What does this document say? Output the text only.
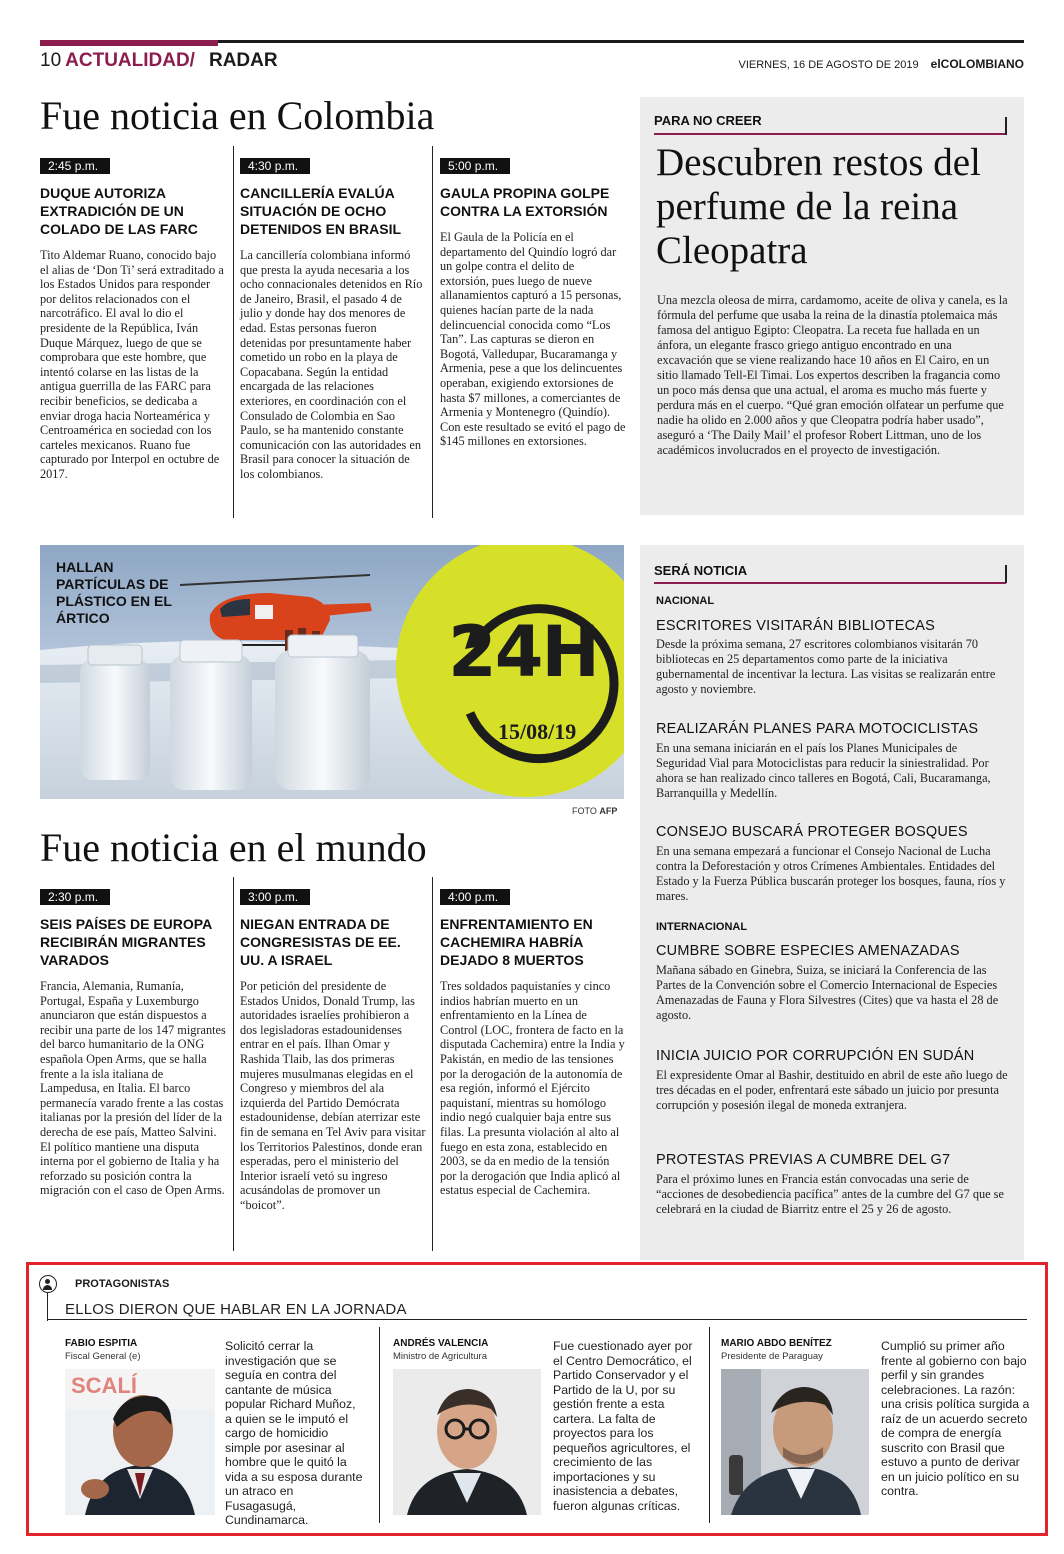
10 ACTUALIDAD/ RADAR	VIERNES, 16 DE AGOSTO DE 2019 elCOLOMBIANO
Fue noticia en Colombia
2:45 p.m.
DUQUE AUTORIZA EXTRADICIÓN DE UN COLADO DE LAS FARC
Tito Aldemar Ruano, conocido bajo el alias de ‘Don Ti’ será extraditado a los Estados Unidos para responder por delitos relacionados con el narcotráfico. El aval lo dio el presidente de la República, Iván Duque Márquez, luego de que se comprobara que este hombre, que intentó colarse en las listas de la antigua guerrilla de las FARC para recibir beneficios, se dedicaba a enviar droga hacia Norteamérica y Centroamérica en sociedad con los carteles mexicanos. Ruano fue capturado por Interpol en octubre de 2017.
4:30 p.m.
CANCILLERÍA EVALÚA SITUACIÓN DE OCHO DETENIDOS EN BRASIL
La cancillería colombiana informó que presta la ayuda necesaria a los ocho connacionales detenidos en Río de Janeiro, Brasil, el pasado 4 de julio y donde hay dos menores de edad. Estas personas fueron detenidas por presuntamente haber cometido un robo en la playa de Copacabana. Según la entidad encargada de las relaciones exteriores, en coordinación con el Consulado de Colombia en Sao Paulo, se ha mantenido constante comunicación con las autoridades en Brasil para conocer la situación de los colombianos.
5:00 p.m.
GAULA PROPINA GOLPE CONTRA LA EXTORSIÓN
El Gaula de la Policía en el departamento del Quindío logró dar un golpe contra el delito de extorsión, pues luego de nueve allanamientos capturó a 15 personas, quienes hacían parte de la nada delincuencial conocida como “Los Tan”. Las capturas se dieron en Bogotá, Valledupar, Bucaramanga y Armenia, pese a que los delincuentes operaban, exigiendo extorsiones de hasta $7 millones, a comerciantes de Armenia y Montenegro (Quindío). Con este resultado se evitó el pago de $145 millones en extorsiones.
PARA NO CREER
Descubren restos del perfume de la reina Cleopatra
Una mezcla oleosa de mirra, cardamomo, aceite de oliva y canela, es la fórmula del perfume que usaba la reina de la dinastía ptolemaica más famosa del antiguo Egipto: Cleopatra. La receta fue hallada en un ánfora, un elegante frasco griego antiguo encontrado en una excavación que se viene realizando hace 10 años en El Cairo, en un sitio llamado Tell-El Timai. Los expertos describen la fragancia como un poco más densa que una actual, el aroma es mucho más fuerte y perdura más en el cuerpo. “Qué gran emoción olfatear un perfume que nadie ha olido en 2.000 años y que Cleopatra podría haber usado”, aseguró a ‘The Daily Mail’ el profesor Robert Littman, uno de los académicos involucrados en el proyecto de investigación.
HALLAN PARTÍCULAS DE PLÁSTICO EN EL ÁRTICO	24H
15/08/19
FOTO AFP
SERÁ NOTICIA
NACIONAL
ESCRITORES VISITARÁN BIBLIOTECAS
Desde la próxima semana, 27 escritores colombianos visitarán 70 bibliotecas en 25 departamentos como parte de la iniciativa gubernamental de incentivar la lectura. Las visitas se realizarán entre agosto y noviembre.
REALIZARÁN PLANES PARA MOTOCICLISTAS
En una semana iniciarán en el país los Planes Municipales de Seguridad Vial para Motociclistas para reducir la siniestralidad. Por ahora se han realizado cinco talleres en Bogotá, Cali, Bucaramanga, Barranquilla y Medellín.
CONSEJO BUSCARÁ PROTEGER BOSQUES
En una semana empezará a funcionar el Consejo Nacional de Lucha contra la Deforestación y otros Crímenes Ambientales. Entidades del Estado y la Fuerza Pública buscarán proteger los bosques, fauna, ríos y mares.
INTERNACIONAL
CUMBRE SOBRE ESPECIES AMENAZADAS
Mañana sábado en Ginebra, Suiza, se iniciará la Conferencia de las Partes de la Convención sobre el Comercio Internacional de Especies Amenazadas de Fauna y Flora Silvestres (Cites) que va hasta el 28 de agosto.
INICIA JUICIO POR CORRUPCIÓN EN SUDÁN
El expresidente Omar al Bashir, destituido en abril de este año luego de tres décadas en el poder, enfrentará este sábado un juicio por presunta corrupción y posesión ilegal de moneda extranjera.
PROTESTAS PREVIAS A CUMBRE DEL G7
Para el próximo lunes en Francia están convocadas una serie de “acciones de desobediencia pacífica” antes de la cumbre del G7 que se celebrará en la ciudad de Biarritz entre el 25 y 26 de agosto.
Fue noticia en el mundo
2:30 p.m.
SEIS PAÍSES DE EUROPA RECIBIRÁN MIGRANTES VARADOS
Francia, Alemania, Rumanía, Portugal, España y Luxemburgo anunciaron que están dispuestos a recibir una parte de los 147 migrantes del barco humanitario de la ONG española Open Arms, que se halla frente a la isla italiana de Lampedusa, en Italia. El barco permanecía varado frente a las costas italianas por la presión del líder de la derecha de ese país, Matteo Salvini. El político mantiene una disputa interna por el gobierno de Italia y ha reforzado su posición contra la migración con el caso de Open Arms.
3:00 p.m.
NIEGAN ENTRADA DE CONGRESISTAS DE EE. UU. A ISRAEL
Por petición del presidente de Estados Unidos, Donald Trump, las autoridades israelíes prohibieron a dos legisladoras estadounidenses entrar en el país. Ilhan Omar y Rashida Tlaib, las dos primeras mujeres musulmanas elegidas en el Congreso y miembros del ala izquierda del Partido Demócrata estadounidense, debían aterrizar este fin de semana en Tel Aviv para visitar los Territorios Palestinos, donde eran esperadas, pero el ministerio del Interior israelí vetó su ingreso acusándolas de promover un “boicot”.
4:00 p.m.
ENFRENTAMIENTO EN CACHEMIRA HABRÍA DEJADO 8 MUERTOS
Tres soldados paquistaníes y cinco indios habrían muerto en un enfrentamiento en la Línea de Control (LOC, frontera de facto en la disputada Cachemira) entre la India y Pakistán, en medio de las tensiones por la derogación de la autonomía de esa región, informó el Ejército paquistaní, mientras su homólogo indio negó cualquier baja entre sus filas. La presunta violación al alto al fuego en esta zona, establecido en 2003, se da en medio de la tensión por la derogación que India aplicó al estatus especial de Cachemira.
PROTAGONISTAS
ELLOS DIERON QUE HABLAR EN LA JORNADA
FABIO ESPITIA
Fiscal General (e)
SCALÍ
Solicitó cerrar la investigación que se seguía en contra del cantante de música popular Richard Muñoz, a quien se le imputó el cargo de homicidio simple por asesinar al hombre que le quitó la vida a su esposa durante un atraco en Fusagasugá, Cundinamarca.
ANDRÉS VALENCIA
Ministro de Agricultura
Fue cuestionado ayer por el Centro Democrático, el Partido Conservador y el Partido de la U, por su gestión frente a esta cartera. La falta de proyectos para los pequeños agricultores, el crecimiento de las importaciones y su inasistencia a debates, fueron algunas críticas.
MARIO ABDO BENÍTEZ
Presidente de Paraguay
Cumplió su primer año frente al gobierno con bajo perfil y sin grandes celebraciones. La razón: una crisis política surgida a raíz de un acuerdo secreto de compra de energía suscrito con Brasil que estuvo a punto de derivar en un juicio político en su contra.
